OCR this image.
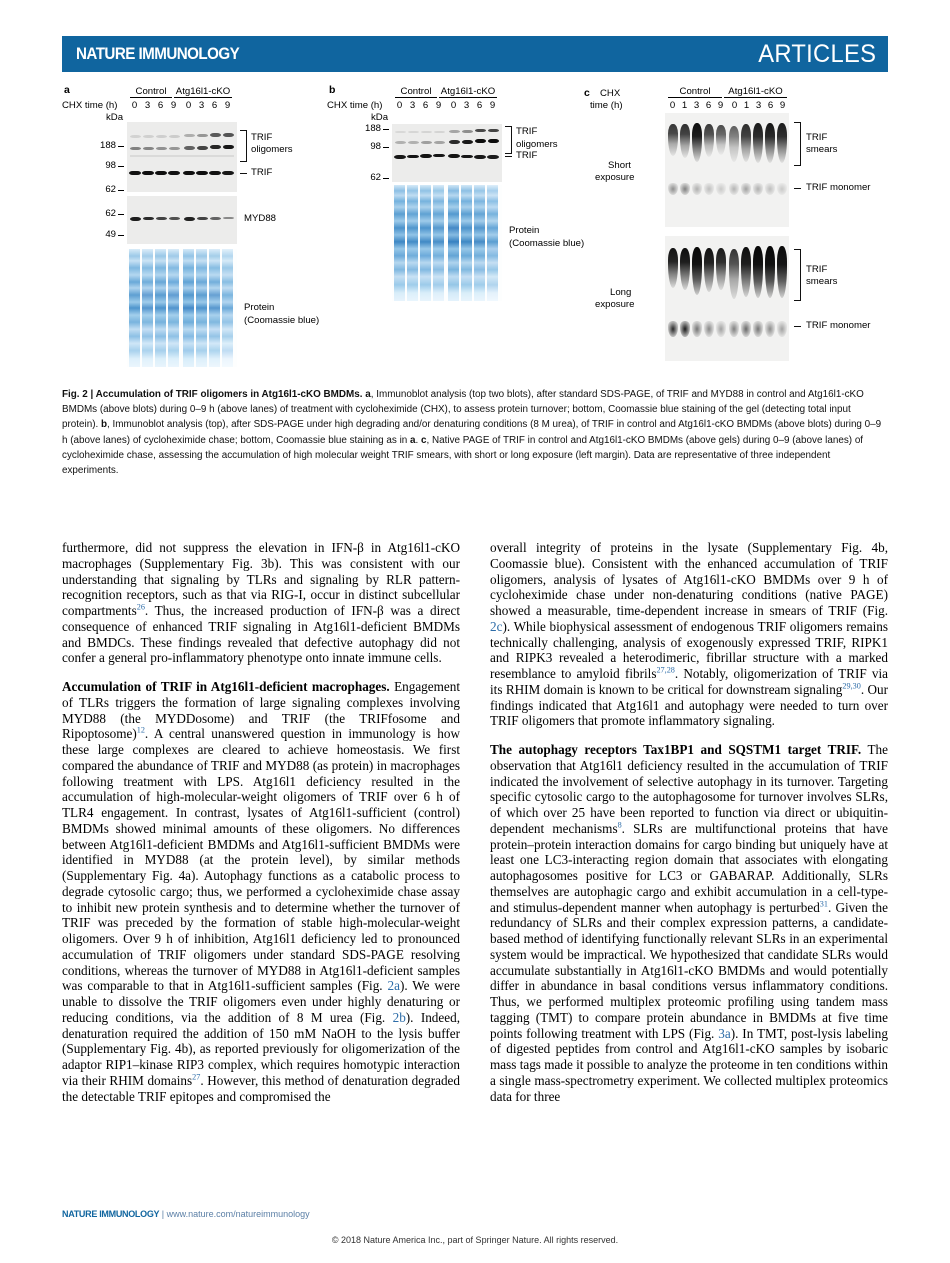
NATURE IMMUNOLOGY	ARTICLES
a	Control Atg16l1-cKO
CHX time (h) 0 3 6 9 0 3 6 9
kDa
188
98
62
TRIF
oligomers
TRIF
62
49
MYD88
Protein
(Coomassie blue)
b	Control Atg16l1-cKO
CHX time (h) 0 3 6 9 0 3 6 9
kDa
188
98
62
TRIF
oligomers
TRIF
Protein
(Coomassie blue)
c	Control	Atg16l1-cKO
CHX
time (h)	0 1 3 6 9 0 1 3 6 9
Short
exposure
TRIF
smears
TRIF monomer
Long
exposure
TRIF
smears
TRIF monomer
Fig. 2 | Accumulation of TRIF oligomers in Atg16l1-cKO BMDMs. a, Immunoblot analysis (top two blots), after standard SDS-PAGE, of TRIF and MYD88 in control and Atg16l1-cKO BMDMs (above blots) during 0–9 h (above lanes) of treatment with cycloheximide (CHX), to assess protein turnover; bottom, Coomassie blue staining of the gel (detecting total input protein). b, Immunoblot analysis (top), after SDS-PAGE under high degrading and/or denaturing conditions (8 M urea), of TRIF in control and Atg16l1-cKO BMDMs (above blots) during 0–9 h (above lanes) of cycloheximide chase; bottom, Coomassie blue staining as in a. c, Native PAGE of TRIF in control and Atg16l1-cKO BMDMs (above gels) during 0–9 (above lanes) of cycloheximide chase, assessing the accumulation of high molecular weight TRIF smears, with short or long exposure (left margin). Data are representative of three independent experiments.

furthermore, did not suppress the elevation in IFN-β in Atg16l1-cKO macrophages (Supplementary Fig. 3b). This was consistent with our understanding that signaling by TLRs and signaling by RLR pattern-recognition receptors, such as that via RIG-I, occur in distinct subcellular compartments$^{26}$. Thus, the increased production of IFN-β was a direct consequence of enhanced TRIF signaling in Atg16l1-deficient BMDMs and BMDCs. These findings revealed that defective autophagy did not confer a general pro-inflammatory phenotype onto innate immune cells.

Accumulation of TRIF in Atg16l1-deficient macrophages. Engagement of TLRs triggers the formation of large signaling complexes involving MYD88 (the MYDDosome) and TRIF (the TRIFfosome and Ripoptosome)$^{12}$. A central unanswered question in immunology is how these large complexes are cleared to achieve homeostasis. We first compared the abundance of TRIF and MYD88 (as protein) in macrophages following treatment with LPS. Atg16l1 deficiency resulted in the accumulation of high-molecular-weight oligomers of TRIF over 6 h of TLR4 engagement. In contrast, lysates of Atg16l1-sufficient (control) BMDMs showed minimal amounts of these oligomers. No differences between Atg16l1-deficient BMDMs and Atg16l1-sufficient BMDMs were identified in MYD88 (at the protein level), by similar methods (Supplementary Fig. 4a). Autophagy functions as a catabolic process to degrade cytosolic cargo; thus, we performed a cycloheximide chase assay to inhibit new protein synthesis and to determine whether the turnover of TRIF was preceded by the formation of stable high-molecular-weight oligomers. Over 9 h of inhibition, Atg16l1 deficiency led to pronounced accumulation of TRIF oligomers under standard SDS-PAGE resolving conditions, whereas the turnover of MYD88 in Atg16l1-deficient samples was comparable to that in Atg16l1-sufficient samples (Fig. 2a). We were unable to dissolve the TRIF oligomers even under highly denaturing or reducing conditions, via the addition of 8 M urea (Fig. 2b). Indeed, denaturation required the addition of 150 mM NaOH to the lysis buffer (Supplementary Fig. 4b), as reported previously for oligomerization of the adaptor RIP1–kinase RIP3 complex, which requires homotypic interaction via their RHIM domains$^{27}$. However, this method of denaturation degraded the detectable TRIF epitopes and compromised the

overall integrity of proteins in the lysate (Supplementary Fig. 4b, Coomassie blue). Consistent with the enhanced accumulation of TRIF oligomers, analysis of lysates of Atg16l1-cKO BMDMs over 9 h of cycloheximide chase under non-denaturing conditions (native PAGE) showed a measurable, time-dependent increase in smears of TRIF (Fig. 2c). While biophysical assessment of endogenous TRIF oligomers remains technically challenging, analysis of exogenously expressed TRIF, RIPK1 and RIPK3 revealed a heterodimeric, fibrillar structure with a marked resemblance to amyloid fibrils$^{27,28}$. Notably, oligomerization of TRIF via its RHIM domain is known to be critical for downstream signaling$^{29,30}$. Our findings indicated that Atg16l1 and autophagy were needed to turn over TRIF oligomers that promote inflammatory signaling.

The autophagy receptors Tax1BP1 and SQSTM1 target TRIF. The observation that Atg16l1 deficiency resulted in the accumulation of TRIF indicated the involvement of selective autophagy in its turnover. Targeting specific cytosolic cargo to the autophagosome for turnover involves SLRs, of which over 25 have been reported to function via direct or ubiquitin-dependent mechanisms$^8$. SLRs are multifunctional proteins that have protein–protein interaction domains for cargo binding but uniquely have at least one LC3-interacting region domain that associates with elongating autophagosomes positive for LC3 or GABARAP. Additionally, SLRs themselves are autophagic cargo and exhibit accumulation in a cell-type- and stimulus-dependent manner when autophagy is perturbed$^{31}$. Given the redundancy of SLRs and their complex expression patterns, a candidate-based method of identifying functionally relevant SLRs in an experimental system would be impractical. We hypothesized that candidate SLRs would accumulate substantially in Atg16l1-cKO BMDMs and would potentially differ in abundance in basal conditions versus inflammatory conditions. Thus, we performed multiplex proteomic profiling using tandem mass tagging (TMT) to compare protein abundance in BMDMs at five time points following treatment with LPS (Fig. 3a). In TMT, post-lysis labeling of digested peptides from control and Atg16l1-cKO samples by isobaric mass tags made it possible to analyze the proteome in ten conditions within a single mass-spectrometry experiment. We collected multiplex proteomics data for three

NATURE IMMUNOLOGY | www.nature.com/natureimmunology
© 2018 Nature America Inc., part of Springer Nature. All rights reserved.
